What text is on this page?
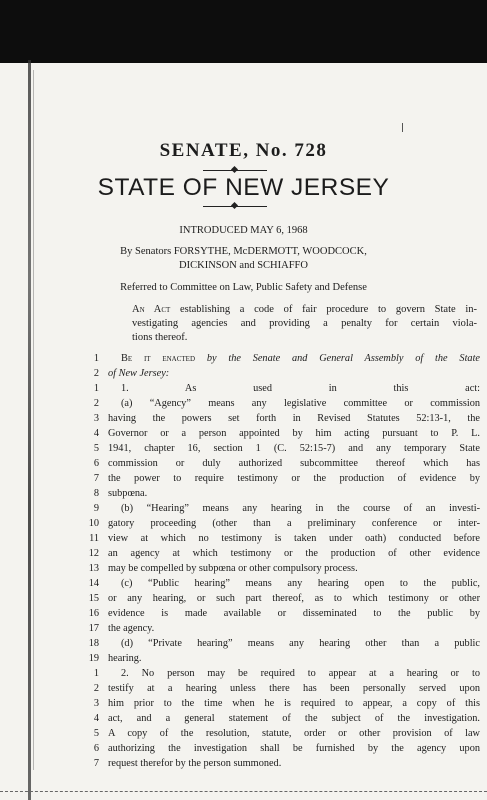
SENATE, No. 728
STATE OF NEW JERSEY
INTRODUCED MAY 6, 1968
By Senators FORSYTHE, McDERMOTT, WOODCOCK,
DICKINSON and SCHIAFFO
Referred to Committee on Law, Public Safety and Defense

An Act establishing a code of fair procedure to govern State in-

vestigating agencies and providing a penalty for certain viola-

tions thereof.

1	Be it enacted by the Senate and General Assembly of the State
2 of New Jersey:
1	1. As used in this act:
2	(a) “Agency” means any legislative committee or commission
3 having the powers set forth in Revised Statutes 52:13-1, the
4 Governor or a person appointed by him acting pursuant to P. L.
5 1941, chapter 16, section 1 (C. 52:15-7) and any temporary State
6 commission or duly authorized subcommittee thereof which has
7 the power to require testimony or the production of evidence by
8 subpœna.
9	(b) “Hearing” means any hearing in the course of an investi-
10 gatory proceeding (other than a preliminary conference or inter-
11 view at which no testimony is taken under oath) conducted before
12 an agency at which testimony or the production of other evidence
13 may be compelled by subpœna or other compulsory process.
14	(c) “Public hearing” means any hearing open to the public,
15 or any hearing, or such part thereof, as to which testimony or other
16 evidence is made available or disseminated to the public by
17 the agency.
18	(d) “Private hearing” means any hearing other than a public
19 hearing.
1	2. No person may be required to appear at a hearing or to
2 testify at a hearing unless there has been personally served upon
3 him prior to the time when he is required to appear, a copy of this
4 act, and a general statement of the subject of the investigation.
5 A copy of the resolution, statute, order or other provision of law
6 authorizing the investigation shall be furnished by the agency upon
7 request therefor by the person summoned.
